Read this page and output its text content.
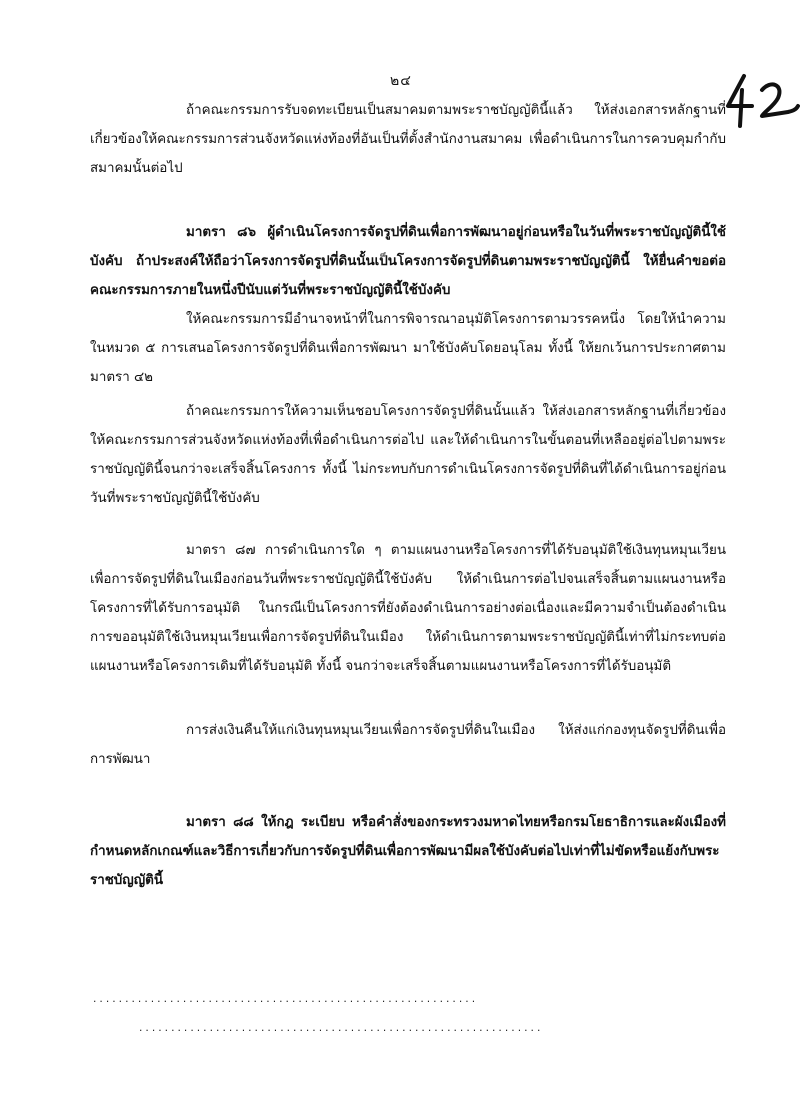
๒๔

ถ้าคณะกรรมการรับจดทะเบียนเป็นสมาคมตามพระราชบัญญัตินี้แล้ว ให้ส่งเอกสารหลักฐานที่เกี่ยวข้องให้คณะกรรมการส่วนจังหวัดแห่งท้องที่อันเป็นที่ตั้งสำนักงานสมาคม เพื่อดำเนินการในการควบคุมกำกับสมาคมนั้นต่อไป

มาตรา ๘๖ ผู้ดำเนินโครงการจัดรูปที่ดินเพื่อการพัฒนาอยู่ก่อนหรือในวันที่พระราชบัญญัตินี้ใช้บังคับ ถ้าประสงค์ให้ถือว่าโครงการจัดรูปที่ดินนั้นเป็นโครงการจัดรูปที่ดินตามพระราชบัญญัตินี้ ให้ยื่นคำขอต่อคณะกรรมการภายในหนึ่งปีนับแต่วันที่พระราชบัญญัตินี้ใช้บังคับ

ให้คณะกรรมการมีอำนาจหน้าที่ในการพิจารณาอนุมัติโครงการตามวรรคหนึ่ง โดยให้นำความในหมวด ๕ การเสนอโครงการจัดรูปที่ดินเพื่อการพัฒนา มาใช้บังคับโดยอนุโลม ทั้งนี้ ให้ยกเว้นการประกาศตามมาตรา ๔๒

ถ้าคณะกรรมการให้ความเห็นชอบโครงการจัดรูปที่ดินนั้นแล้ว ให้ส่งเอกสารหลักฐานที่เกี่ยวข้องให้คณะกรรมการส่วนจังหวัดแห่งท้องที่เพื่อดำเนินการต่อไป และให้ดำเนินการในขั้นตอนที่เหลืออยู่ต่อไปตามพระราชบัญญัตินี้จนกว่าจะเสร็จสิ้นโครงการ ทั้งนี้ ไม่กระทบกับการดำเนินโครงการจัดรูปที่ดินที่ได้ดำเนินการอยู่ก่อนวันที่พระราชบัญญัตินี้ใช้บังคับ

มาตรา ๘๗ การดำเนินการใด ๆ ตามแผนงานหรือโครงการที่ได้รับอนุมัติใช้เงินทุนหมุนเวียนเพื่อการจัดรูปที่ดินในเมืองก่อนวันที่พระราชบัญญัตินี้ใช้บังคับ ให้ดำเนินการต่อไปจนเสร็จสิ้นตามแผนงานหรือโครงการที่ได้รับการอนุมัติ ในกรณีเป็นโครงการที่ยังต้องดำเนินการอย่างต่อเนื่องและมีความจำเป็นต้องดำเนินการขออนุมัติใช้เงินหมุนเวียนเพื่อการจัดรูปที่ดินในเมือง ให้ดำเนินการตามพระราชบัญญัตินี้เท่าที่ไม่กระทบต่อแผนงานหรือโครงการเดิมที่ได้รับอนุมัติ ทั้งนี้ จนกว่าจะเสร็จสิ้นตามแผนงานหรือโครงการที่ได้รับอนุมัติ

การส่งเงินคืนให้แก่เงินทุนหมุนเวียนเพื่อการจัดรูปที่ดินในเมือง ให้ส่งแก่กองทุนจัดรูปที่ดินเพื่อการพัฒนา

มาตรา ๘๘ ให้กฎ ระเบียบ หรือคำสั่งของกระทรวงมหาดไทยหรือกรมโยธาธิการและผังเมืองที่กำหนดหลักเกณฑ์และวิธีการเกี่ยวกับการจัดรูปที่ดินเพื่อการพัฒนามีผลใช้บังคับต่อไปเท่าที่ไม่ขัดหรือแย้งกับพระราชบัญญัตินี้

............................................................
...............................................................
